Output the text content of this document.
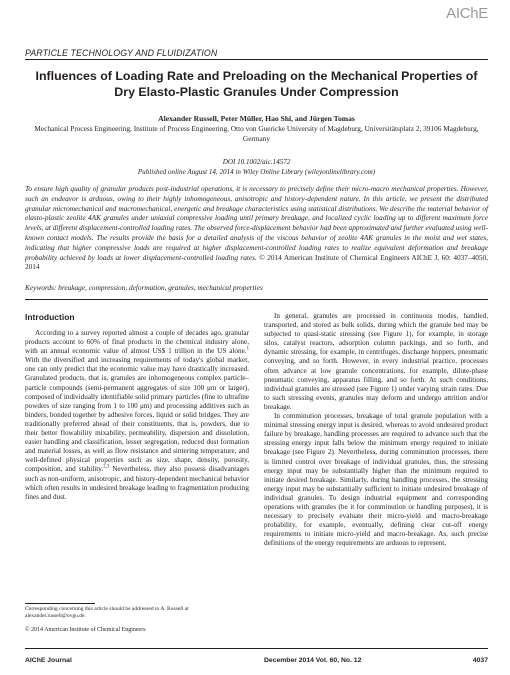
AIChE
PARTICLE TECHNOLOGY AND FLUIDIZATION
Influences of Loading Rate and Preloading on the Mechanical Properties of Dry Elasto-Plastic Granules Under Compression
Alexander Russell, Peter Müller, Hao Shi, and Jürgen Tomas
Mechanical Process Engineering, Institute of Process Engineering, Otto von Guericke University of Magdeburg, Universitätsplatz 2, 39106 Magdeburg, Germany
DOI 10.1002/aic.14572
Published online August 14, 2014 in Wiley Online Library (wileyonlinelibrary.com)
To ensure high quality of granular products post-industrial operations, it is necessary to precisely define their micro-macro mechanical properties. However, such an endeavor is arduous, owing to their highly inhomogeneous, anisotropic and history-dependent nature. In this article, we present the distributed granular micromechanical and macromechanical, energetic and breakage characteristics using statistical distributions. We describe the material behavior of elasto-plastic zeolite 4AK granules under uniaxial compressive loading until primary breakage, and localized cyclic loading up to different maximum force levels, at different displacement-controlled loading rates. The observed force-displacement behavior had been approximated and further evaluated using well-known contact models. The results provide the basis for a detailed analysis of the viscous behavior of zeolite 4AK granules in the moist and wet states, indicating that higher compressive loads are required at higher displacement-controlled loading rates to realize equivalent deformation and breakage probability achieved by loads at lower displacement-controlled loading rates. © 2014 American Institute of Chemical Engineers AIChE J, 60: 4037–4050, 2014
Keywords: breakage, compression, deformation, granules, mechanical properties
Introduction

According to a survey reported almost a couple of decades ago, granular products account to 60% of final products in the chemical industry alone, with an annual economic value of almost US$ 1 trillion in the US alone.$^1$ With the diversified and increasing requirements of today's global market, one can only predict that the economic value may have drastically increased. Granulated products, that is, granules are inhomogeneous complex particle–particle compounds (semi-permanent aggregates of size 100 μm or larger), composed of individually identifiable solid primary particles (fine to ultrafine powders of size ranging from 1 to 100 μm) and processing additives such as binders, bonded together by adhesive forces, liquid or solid bridges. They are traditionally preferred ahead of their constituents, that is, powders, due to their better flowability mixability, permeability, dispersion and dissolution, easier handling and classification, lesser segregation, reduced dust formation and material losses, as well as flow resistance and sintering temperature, and well-defined physical properties such as size, shape, density, porosity, composition, and stability.$^{2,3}$ Nevertheless, they also possess disadvantages such as non-uniform, anisotropic, and history-dependent mechanical behavior which often results in undesired breakage leading to fragmentation producing fines and dust.

In general, granules are processed in continuous modes, handled, transported, and stored as bulk solids, during which the granule bed may be subjected to quasi-static stressing (see Figure 1), for example, in storage silos, catalyst reactors, adsorption column packings, and so forth, and dynamic stressing, for example, in centrifuges, discharge hoppers, pneumatic conveying, and so forth. However, in every industrial practice, processes often advance at low granule concentrations, for example, dilute-phase pneumatic conveying, apparatus filling, and so forth. At such conditions, individual granules are stressed (see Figure 1) under varying strain rates. Due to such stressing events, granules may deform and undergo attrition and/or breakage.

In comminution processes, breakage of total granule population with a minimal stressing energy input is desired, whereas to avoid undesired product failure by breakage, handling processes are required to advance such that the stressing energy input falls below the minimum energy required to initiate breakage (see Figure 2). Nevertheless, during comminution processes, there is limited control over breakage of individual granules, thus, the stressing energy input may be substantially higher than the minimum required to initiate desired breakage. Similarly, during handling processes, the stressing energy input may be substantially sufficient to initiate undesired breakage of individual granules. To design industrial equipment and corresponding operations with granules (be it for comminution or handling purposes), it is necessary to precisely evaluate their micro-yield and macro-breakage probability, for example, eventually, defining clear cut-off energy requirements to initiate micro-yield and macro-breakage. As, such precise definitions of the energy requirements are arduous to represent,

Corresponding concerning this article should be addressed to A. Russell at alexander.russell@ovgu.de.
© 2014 American Institute of Chemical Engineers
AIChE Journal	December 2014 Vol. 60, No. 12	4037
